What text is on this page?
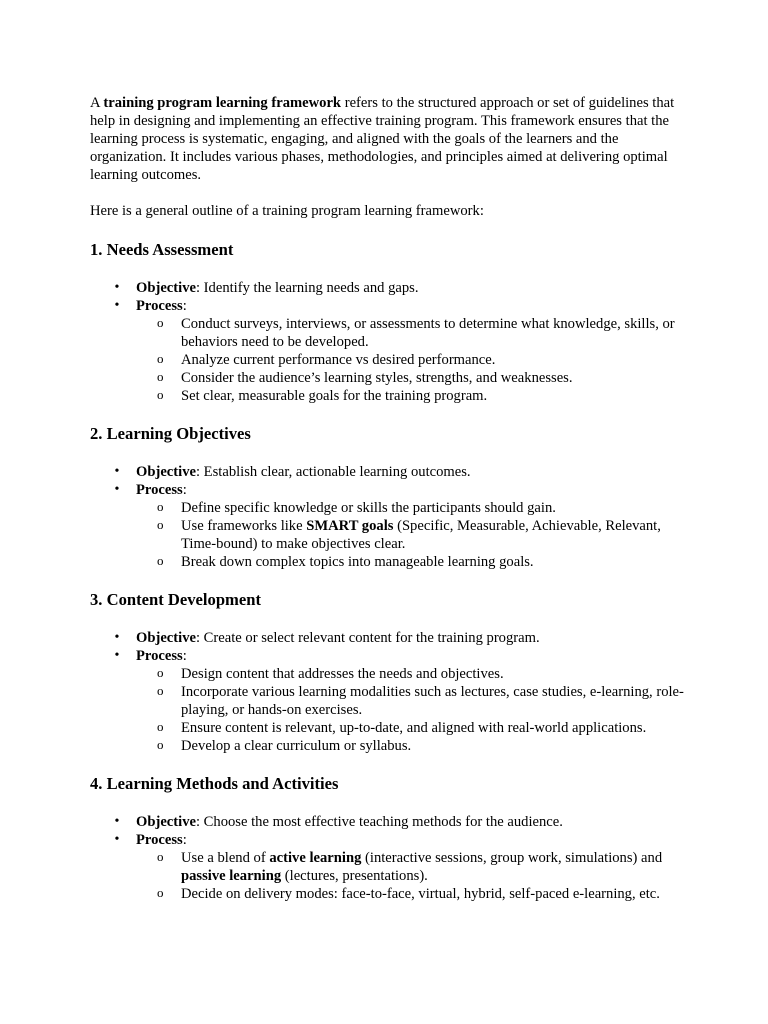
A training program learning framework refers to the structured approach or set of guidelines that help in designing and implementing an effective training program. This framework ensures that the learning process is systematic, engaging, and aligned with the goals of the learners and the organization. It includes various phases, methodologies, and principles aimed at delivering optimal learning outcomes.

Here is a general outline of a training program learning framework:

1. Needs Assessment
• Objective: Identify the learning needs and gaps.
• Process:
o Conduct surveys, interviews, or assessments to determine what knowledge, skills, or behaviors need to be developed.
o Analyze current performance vs desired performance.
o Consider the audience’s learning styles, strengths, and weaknesses.
o Set clear, measurable goals for the training program.
2. Learning Objectives
• Objective: Establish clear, actionable learning outcomes.
• Process:
o Define specific knowledge or skills the participants should gain.
o Use frameworks like SMART goals (Specific, Measurable, Achievable, Relevant, Time-bound) to make objectives clear.
o Break down complex topics into manageable learning goals.
3. Content Development
• Objective: Create or select relevant content for the training program.
• Process:
o Design content that addresses the needs and objectives.
o Incorporate various learning modalities such as lectures, case studies, e-learning, role-playing, or hands-on exercises.
o Ensure content is relevant, up-to-date, and aligned with real-world applications.
o Develop a clear curriculum or syllabus.
4. Learning Methods and Activities
• Objective: Choose the most effective teaching methods for the audience.
• Process:
o Use a blend of active learning (interactive sessions, group work, simulations) and passive learning (lectures, presentations).
o Decide on delivery modes: face-to-face, virtual, hybrid, self-paced e-learning, etc.
